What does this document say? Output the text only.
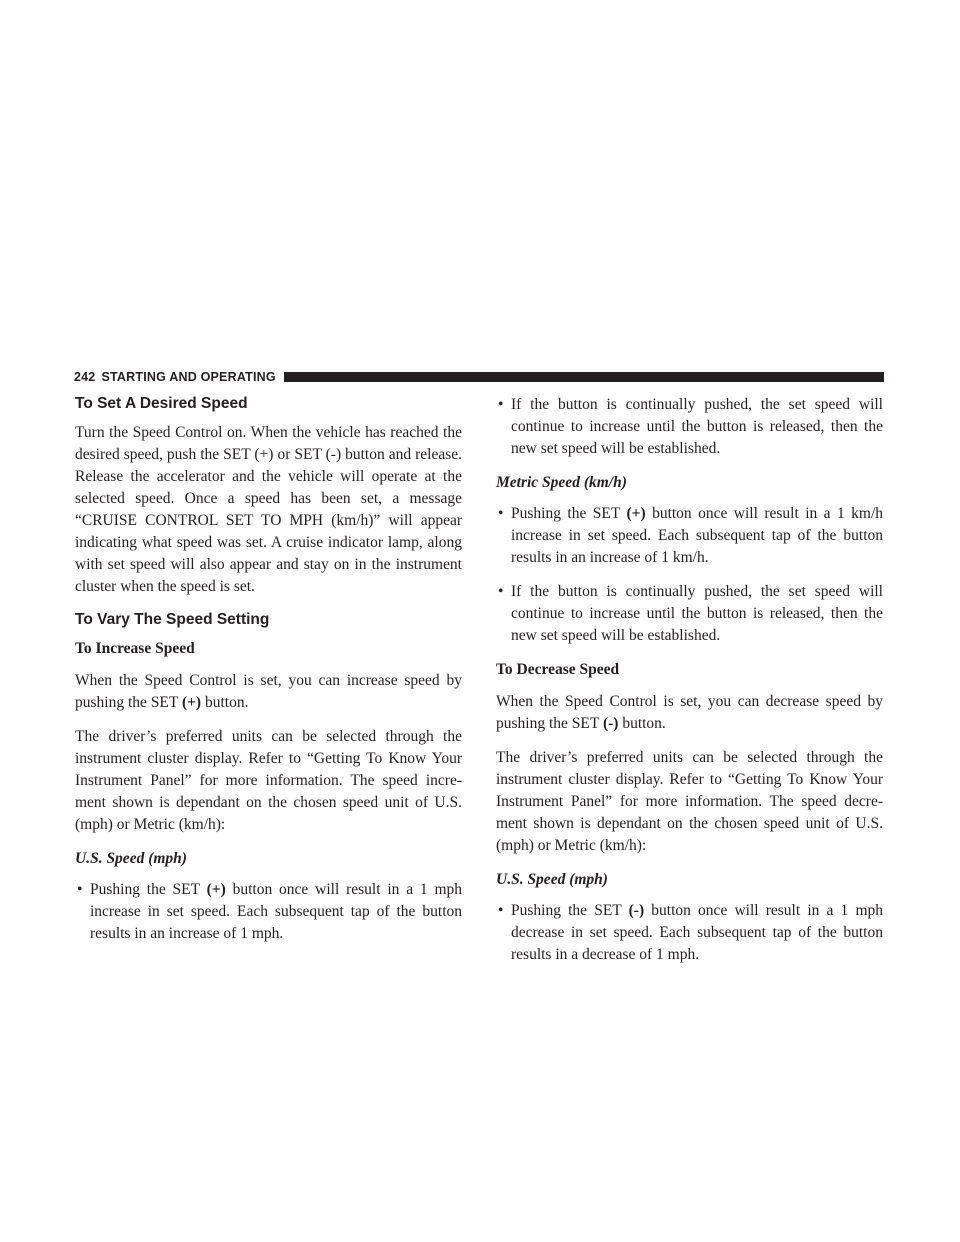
242 STARTING AND OPERATING
To Set A Desired Speed

Turn the Speed Control on. When the vehicle has reached the desired speed, push the SET (+) or SET (-) button and release. Release the accelerator and the vehicle will operate at the selected speed. Once a speed has been set, a message “CRUISE CONTROL SET TO MPH (km/h)” will appear indicating what speed was set. A cruise indicator lamp, along with set speed will also appear and stay on in the instrument cluster when the speed is set.

To Vary The Speed Setting

To Increase Speed

When the Speed Control is set, you can increase speed by pushing the SET (+) button.

The driver’s preferred units can be selected through the instrument cluster display. Refer to “Getting To Know Your Instrument Panel” for more information. The speed incre-ment shown is dependant on the chosen speed unit of U.S. (mph) or Metric (km/h):

U.S. Speed (mph)

• Pushing the SET (+) button once will result in a 1 mph increase in set speed. Each subsequent tap of the button results in an increase of 1 mph.
• If the button is continually pushed, the set speed will continue to increase until the button is released, then the new set speed will be established.

Metric Speed (km/h)

• Pushing the SET (+) button once will result in a 1 km/h increase in set speed. Each subsequent tap of the button results in an increase of 1 km/h.
• If the button is continually pushed, the set speed will continue to increase until the button is released, then the new set speed will be established.

To Decrease Speed

When the Speed Control is set, you can decrease speed by pushing the SET (-) button.

The driver’s preferred units can be selected through the instrument cluster display. Refer to “Getting To Know Your Instrument Panel” for more information. The speed decre-ment shown is dependant on the chosen speed unit of U.S. (mph) or Metric (km/h):

U.S. Speed (mph)

• Pushing the SET (-) button once will result in a 1 mph decrease in set speed. Each subsequent tap of the button results in a decrease of 1 mph.
